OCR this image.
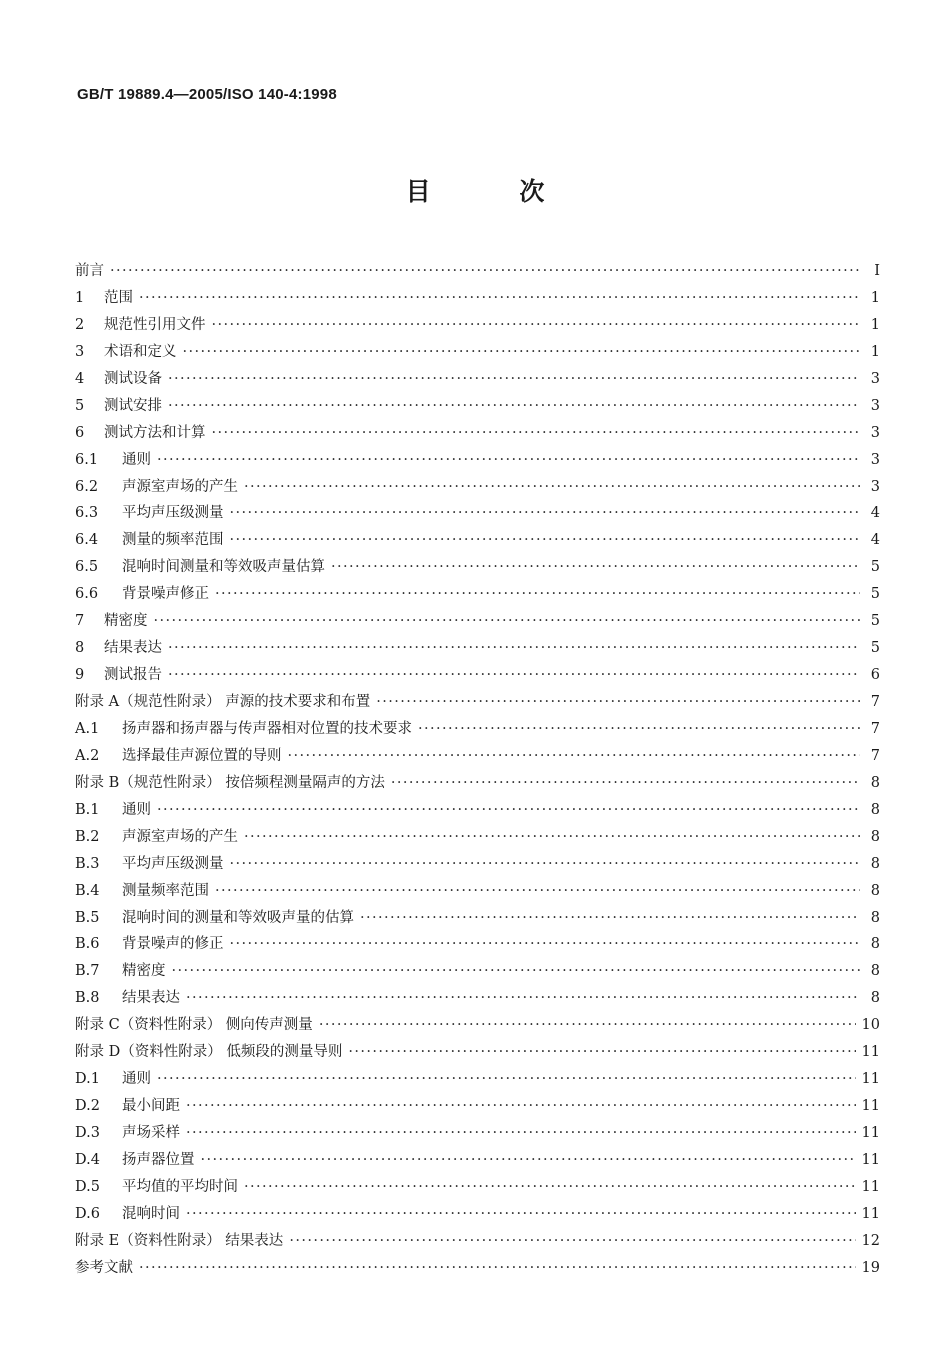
GB/T 19889.4—2005/ISO 140-4:1998
目 次
前言 ·····	I
1	范围 ·····	1
2	规范性引用文件 ·····	1
3	术语和定义 ·····	1
4	测试设备 ·····	3
5	测试安排 ·····	3
6	测试方法和计算 ·····	3
6.1	通则 ·····	3
6.2	声源室声场的产生 ·····	3
6.3	平均声压级测量 ·····	4
6.4	测量的频率范围 ·····	4
6.5	混响时间测量和等效吸声量估算 ·····	5
6.6	背景噪声修正 ·····	5
7	精密度 ·····	5
8	结果表达 ·····	5
9	测试报告 ·····	6
附录 A（规范性附录） 声源的技术要求和布置 ·····	7
A.1	扬声器和扬声器与传声器相对位置的技术要求 ·····	7
A.2	选择最佳声源位置的导则 ·····	7
附录 B（规范性附录） 按倍频程测量隔声的方法 ·····	8
B.1	通则 ·····	8
B.2	声源室声场的产生 ·····	8
B.3	平均声压级测量 ·····	8
B.4	测量频率范围 ·····	8
B.5	混响时间的测量和等效吸声量的估算 ·····	8
B.6	背景噪声的修正 ·····	8
B.7	精密度 ·····	8
B.8	结果表达 ·····	8
附录 C（资料性附录） 侧向传声测量 ·····	10
附录 D（资料性附录） 低频段的测量导则 ·····	11
D.1	通则 ·····	11
D.2	最小间距 ·····	11
D.3	声场采样 ·····	11
D.4	扬声器位置 ·····	11
D.5	平均值的平均时间 ·····	11
D.6	混响时间 ·····	11
附录 E（资料性附录） 结果表达 ·····	12
参考文献 ·····	19
